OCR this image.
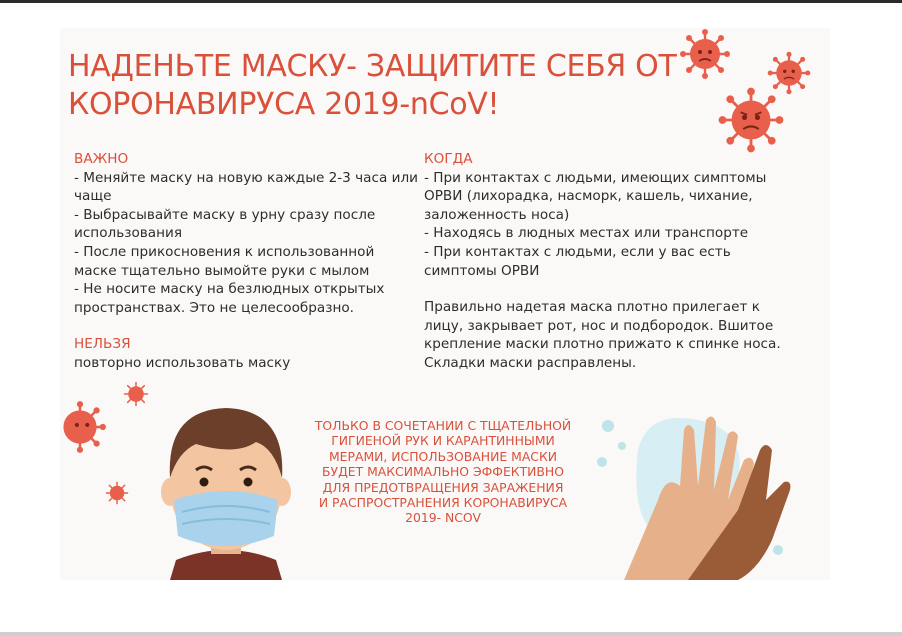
НАДЕНЬТЕ МАСКУ- ЗАЩИТИТЕ СЕБЯ ОТ
КОРОНАВИРУСА 2019-nCoV!
ВАЖНО
- Меняйте маску на новую каждые 2-3 часа или чаще
- Выбрасывайте маску в урну сразу после использования
- После прикосновения к использованной маске тщательно вымойте руки с мылом
- Не носите маску на безлюдных открытых пространствах. Это не целесообразно.
НЕЛЬЗЯ
повторно использовать маску
КОГДА
- При контактах с людьми, имеющих симптомы ОРВИ (лихорадка, насморк, кашель, чихание, заложенность носа)
- Находясь в людных местах или транспорте
- При контактах с людьми, если у вас есть симптомы ОРВИ
Правильно надетая маска плотно прилегает к лицу, закрывает рот, нос и подбородок. Вшитое крепление маски плотно прижато к спинке носа. Складки маски расправлены.
ТОЛЬКО В СОЧЕТАНИИ С ТЩАТЕЛЬНОЙ
ГИГИЕНОЙ РУК И КАРАНТИННЫМИ
МЕРАМИ, ИСПОЛЬЗОВАНИЕ МАСКИ
БУДЕТ МАКСИМАЛЬНО ЭФФЕКТИВНО
ДЛЯ ПРЕДОТВРАЩЕНИЯ ЗАРАЖЕНИЯ
И РАСПРОСТРАНЕНИЯ КОРОНАВИРУСА
2019- NCOV
